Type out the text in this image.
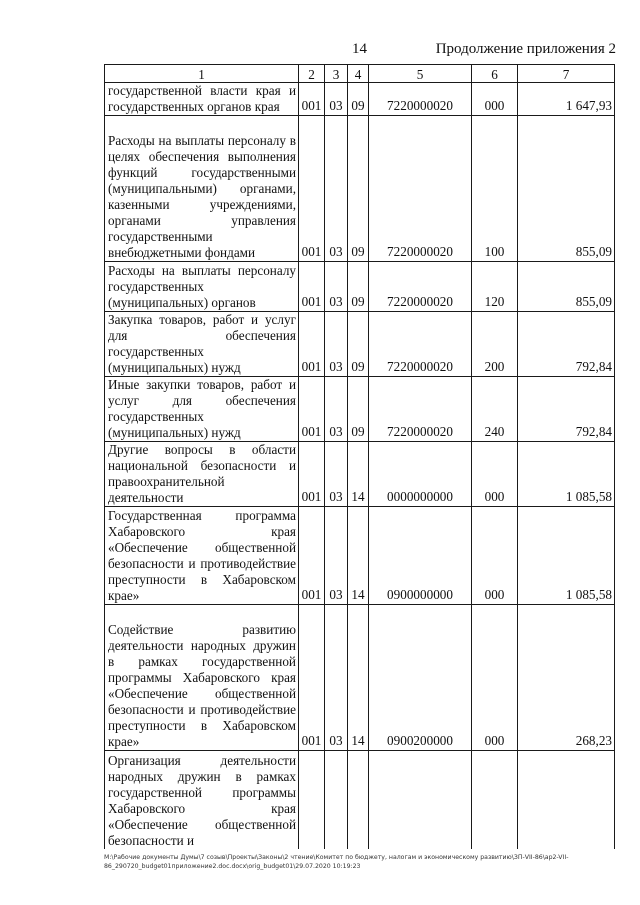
14	Продолжение приложения 2
1	2	3	4	5	6	7
государственной власти края и государственных органов края	001	03	09	7220000020	000	1 647,93
Расходы на выплаты персоналу в целях обеспечения выполнения функций государственными (муниципальными) органами, казенными учреждениями, органами управления государственными внебюджетными фондами	001	03	09	7220000020	100	855,09
Расходы на выплаты персоналу государственных (муниципальных) органов	001	03	09	7220000020	120	855,09
Закупка товаров, работ и услуг для обеспечения государственных (муниципальных) нужд	001	03	09	7220000020	200	792,84
Иные закупки товаров, работ и услуг для обеспечения государственных (муниципальных) нужд	001	03	09	7220000020	240	792,84
Другие вопросы в области национальной безопасности и правоохранительной деятельности	001	03	14	0000000000	000	1 085,58
Государственная программа Хабаровского края «Обеспечение общественной безопасности и противодействие преступности в Хабаровском крае»	001	03	14	0900000000	000	1 085,58
Содействие развитию деятельности народных дружин в рамках государственной программы Хабаровского края «Обеспечение общественной безопасности и противодействие преступности в Хабаровском крае»	001	03	14	0900200000	000	268,23
Организация деятельности народных дружин в рамках государственной программы Хабаровского края «Обеспечение общественной безопасности и						
M:\Рабочие документы Думы\7 созыв\Проекты\Законы\2 чтение\Комитет по бюджету, налогам и экономическому развитию\ЗП-VII-86\ap2-VII-86_290720_budget01приложение2.doc.docx\orig_budget01\29.07.2020 10:19:23
